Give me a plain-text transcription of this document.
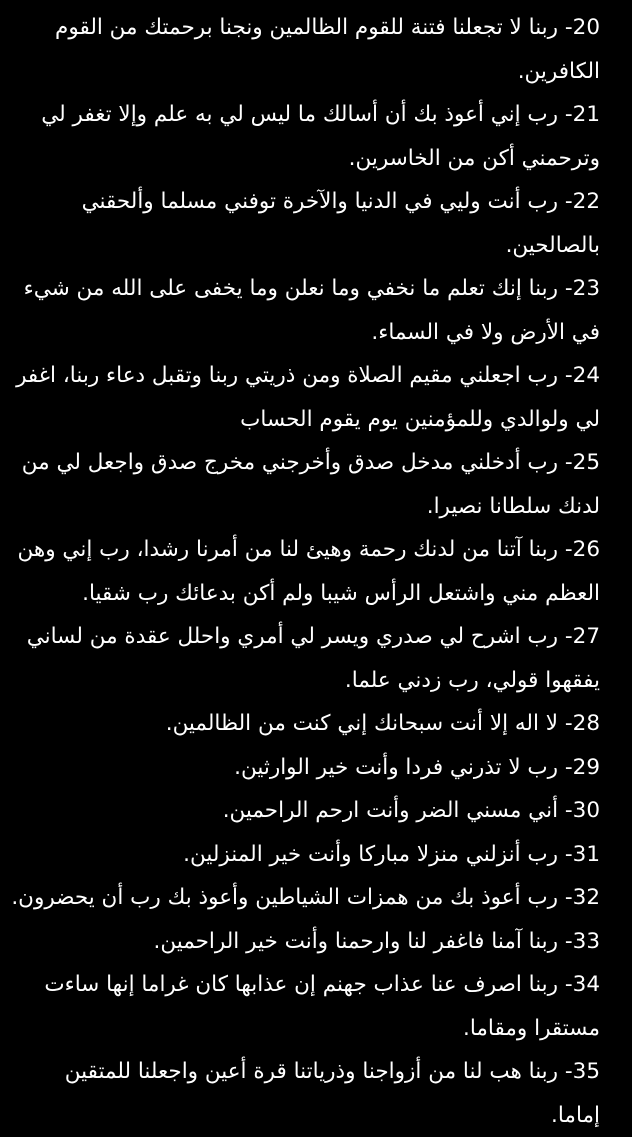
20- ربنا لا تجعلنا فتنة للقوم الظالمين ونجنا برحمتك من القوم الكافرين.

21- رب إني أعوذ بك أن أسالك ما ليس لي به علم وإلا تغفر لي وترحمني أكن من الخاسرين.

22- رب أنت وليي في الدنيا والآخرة توفني مسلما وألحقني بالصالحين.

23- ربنا إنك تعلم ما نخفي وما نعلن وما يخفى على الله من شيء في الأرض ولا في السماء.

24- رب اجعلني مقيم الصلاة ومن ذريتي ربنا وتقبل دعاء ربنا، اغفر لي ولوالدي وللمؤمنين يوم يقوم الحساب

25- رب أدخلني مدخل صدق وأخرجني مخرج صدق واجعل لي من لدنك سلطانا نصيرا.

26- ربنا آتنا من لدنك رحمة وهيئ لنا من أمرنا رشدا، رب إني وهن العظم مني واشتعل الرأس شيبا ولم أكن بدعائك رب شقيا.

27- رب اشرح لي صدري ويسر لي أمري واحلل عقدة من لساني يفقهوا قولي، رب زدني علما.

28- لا اله إلا أنت سبحانك إني كنت من الظالمين.

29- رب لا تذرني فردا وأنت خير الوارثين.

30- أني مسني الضر وأنت ارحم الراحمين.

31- رب أنزلني منزلا مباركا وأنت خير المنزلين.

32- رب أعوذ بك من همزات الشياطين وأعوذ بك رب أن يحضرون.

33- ربنا آمنا فاغفر لنا وارحمنا وأنت خير الراحمين.

34- ربنا اصرف عنا عذاب جهنم إن عذابها كان غراما إنها ساءت مستقرا ومقاما.

35- ربنا هب لنا من أزواجنا وذرياتنا قرة أعين واجعلنا للمتقين إماما.
